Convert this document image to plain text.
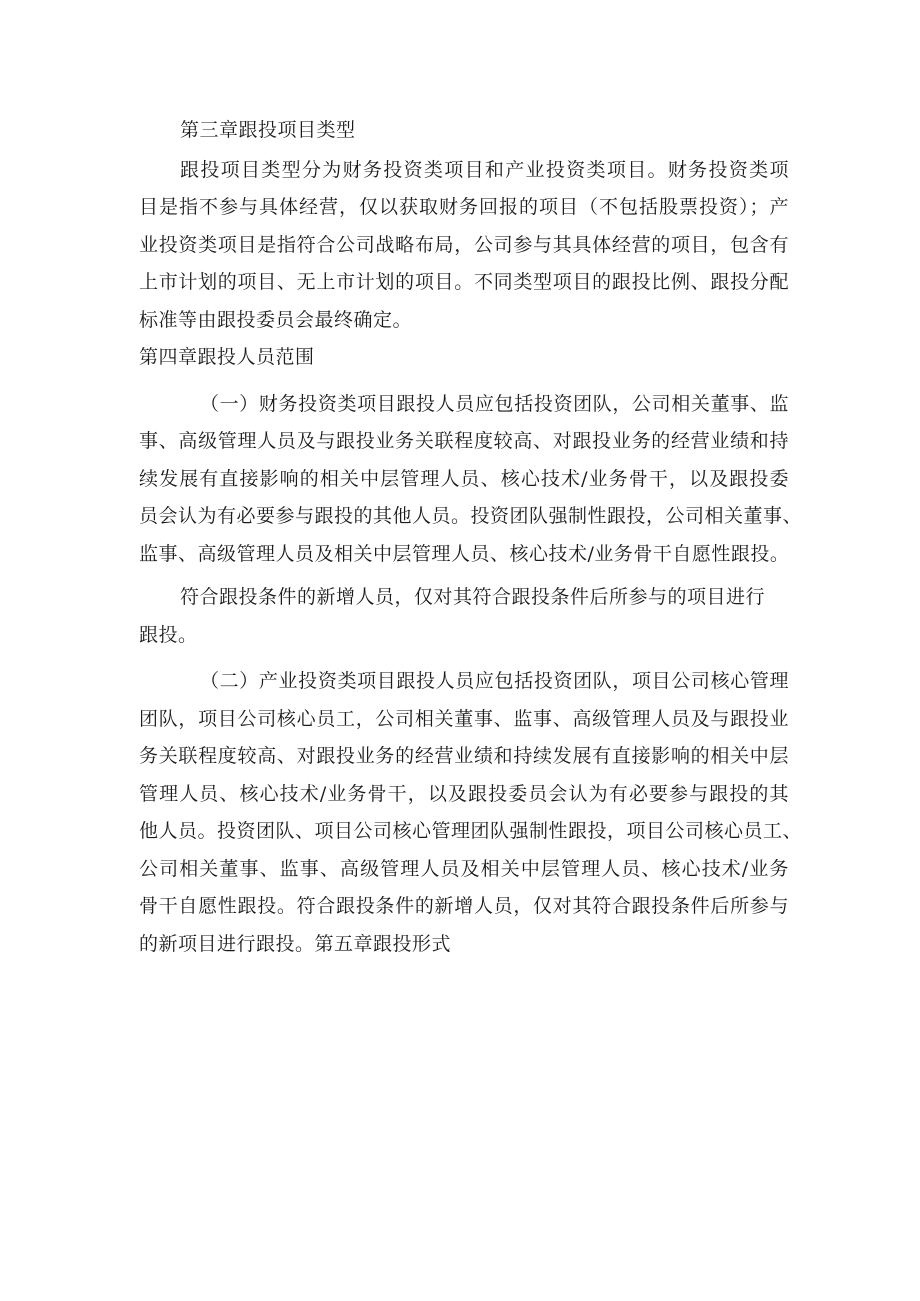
第三章跟投项目类型
跟投项目类型分为财务投资类项目和产业投资类项目。财务投资类项
目是指不参与具体经营，仅以获取财务回报的项目（不包括股票投资）；产
业投资类项目是指符合公司战略布局，公司参与其具体经营的项目，包含有
上市计划的项目、无上市计划的项目。不同类型项目的跟投比例、跟投分配
标准等由跟投委员会最终确定。
第四章跟投人员范围
（一）财务投资类项目跟投人员应包括投资团队，公司相关董事、监
事、高级管理人员及与跟投业务关联程度较高、对跟投业务的经营业绩和持
续发展有直接影响的相关中层管理人员、核心技术/业务骨干，以及跟投委
员会认为有必要参与跟投的其他人员。投资团队强制性跟投，公司相关董事、
监事、高级管理人员及相关中层管理人员、核心技术/业务骨干自愿性跟投。
符合跟投条件的新增人员，仅对其符合跟投条件后所参与的项目进行
跟投。
（二）产业投资类项目跟投人员应包括投资团队，项目公司核心管理
团队，项目公司核心员工，公司相关董事、监事、高级管理人员及与跟投业
务关联程度较高、对跟投业务的经营业绩和持续发展有直接影响的相关中层
管理人员、核心技术/业务骨干，以及跟投委员会认为有必要参与跟投的其
他人员。投资团队、项目公司核心管理团队强制性跟投，项目公司核心员工、
公司相关董事、监事、高级管理人员及相关中层管理人员、核心技术/业务
骨干自愿性跟投。符合跟投条件的新增人员，仅对其符合跟投条件后所参与
的新项目进行跟投。第五章跟投形式
